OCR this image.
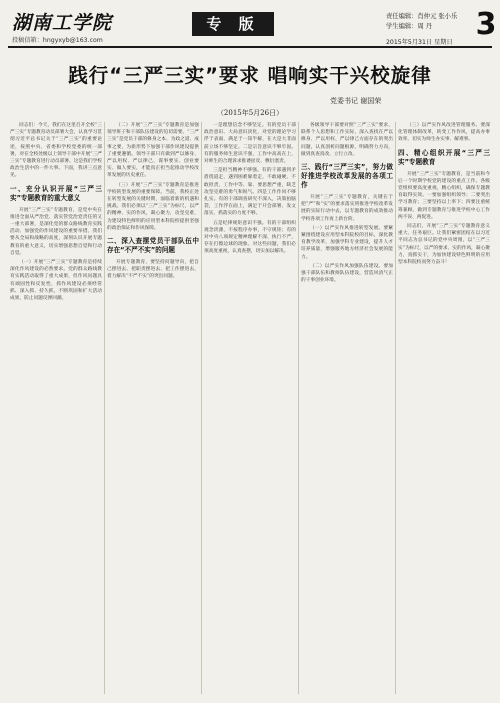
湖南工学院
投稿信箱：hngyxyb@163.com
专 版	责任编辑：肖仲元 张小乐
学生编辑：周 丹
2015年5月31日 星期日
3
践行“三严三实”要求 唱响实干兴校旋律
党委书记 谢国荣
（2015年5月26日）
同志们：今天，我们在这里召开全校“三严三实”专题教育动员部署大会，认真学习贯彻习近平总书记关于“三严三实”的重要论述，按照中央、省委和学校党委的统一部署，对在全校处级以上领导干部中开展“三严三实”专题教育进行动员部署。这是我们学校政治生活中的一件大事。下面，我讲三点意见。
一、充分认识开展“三严三实”专题教育的重大意义
开展“三严三实”专题教育，是党中央在推进全面从严治党、落实管党治党责任的又一重大部署，是深化党的群众路线教育实践活动、加强党的作风建设的重要举措。我们要从全局和战略的高度，深刻认识开展专题教育的重大意义，切实增强思想自觉和行动自觉。
（一）开展“三严三实”专题教育是持续深化作风建设的必然要求。党的群众路线教育实践活动取得了重大成果，但作风问题具有顽固性和反复性，抓作风建设必须经常抓、深入抓、持久抓，不断巩固和扩大活动成果，防止问题反弹回潮。
（二）开展“三严三实”专题教育是加强领导班子和干部队伍建设的迫切需要。“三严三实”是党员干部的修身之本、为政之道、成事之要，为新形势下加强干部作风建设提供了重要遵循。领导干部只有做到严以修身、严以用权、严以律己，谋事要实、创业要实、做人要实，才能真正担当起推动学校改革发展的历史重任。
（三）开展“三严三实”专题教育是推进学校转型发展的重要保障。当前，我校正处在转型发展的关键时期，面临着新的机遇和挑战。我们必须以“三严三实”为标尺，以严的精神、实的作风，凝心聚力，攻坚克难，为建设特色鲜明的应用型本科院校提供坚强的政治保证和作风保障。
二、深入查摆党员干部队伍中存在“不严不实”的问题
开展专题教育，要坚持问题导向，把自己摆进去、把职责摆进去、把工作摆进去，着力解决“不严不实”的突出问题。
一是理想信念不够坚定。有的党员干部政治意识、大局意识淡化，对党的理论学习浮于表面，满足于一知半解，在大是大非面前立场不够坚定。二是宗旨意识不够牢固。有的服务师生意识不强，工作中高高在上，对师生的合理诉求推诿扯皮、敷衍塞责。
三是担当精神不够强。有的干部遇到矛盾绕道走，遇到困难躲着走，不敢碰硬、不敢担责，工作中等、靠、要思想严重，缺乏攻坚克难的勇气和锐气。四是工作作风不够扎实。有的干部调查研究不深入，决策拍脑袋，工作浮在面上，满足于开会部署、发文落实，抓落实的力度不够。
五是纪律规矩意识不强。有的干部组织观念淡薄，不按程序办事，不守规矩；有的对中央八项规定精神理解不深、执行不严，存在打擦边球的现象。对这些问题，我们必须高度重视，认真查摆，切实加以解决。
各级领导干部要对照“三严三实”要求，联系个人思想和工作实际，深入查找在严以修身、严以用权、严以律己方面存在的突出问题，认真剖析问题根源，明确努力方向，做到真查真改、立行立改。
三、践行“三严三实”，努力做好推进学校改革发展的各项工作
开展“三严三实”专题教育，关键在于把“严”和“实”的要求落实到推进学校改革发展的实际行动中去，以专题教育的成效推动学校各项工作再上新台阶。
（一）以严实作风推进转型发展。要紧紧围绕建设应用型本科院校的目标，深化教育教学改革，加强学科专业建设，提升人才培养质量，增强服务地方经济社会发展的能力。
（二）以严实作风加强队伍建设。要加强干部队伍和教师队伍建设，营造风清气正的干事创业环境。
（三）以严实作风改进管理服务。要深化管理体制改革，转变工作作风，提高办事效率，切实为师生办实事、解难事。
四、精心组织开展“三严三实”专题教育
开展“三严三实”专题教育，是当前和今后一个时期学校党的建设的重点工作。各级党组织要高度重视，精心组织，确保专题教育取得实效。一要加强组织领导；二要突出学习教育；三要坚持以上率下；四要注重统筹兼顾，做到专题教育与推进学校中心工作两不误、两促进。
同志们，开展“三严三实”专题教育意义重大、任务艰巨。让我们紧密团结在以习近平同志为总书记的党中央周围，以“三严三实”为标尺，以严的要求、实的作风，凝心聚力，真抓实干，为加快建设特色鲜明的应用型本科院校而努力奋斗！
